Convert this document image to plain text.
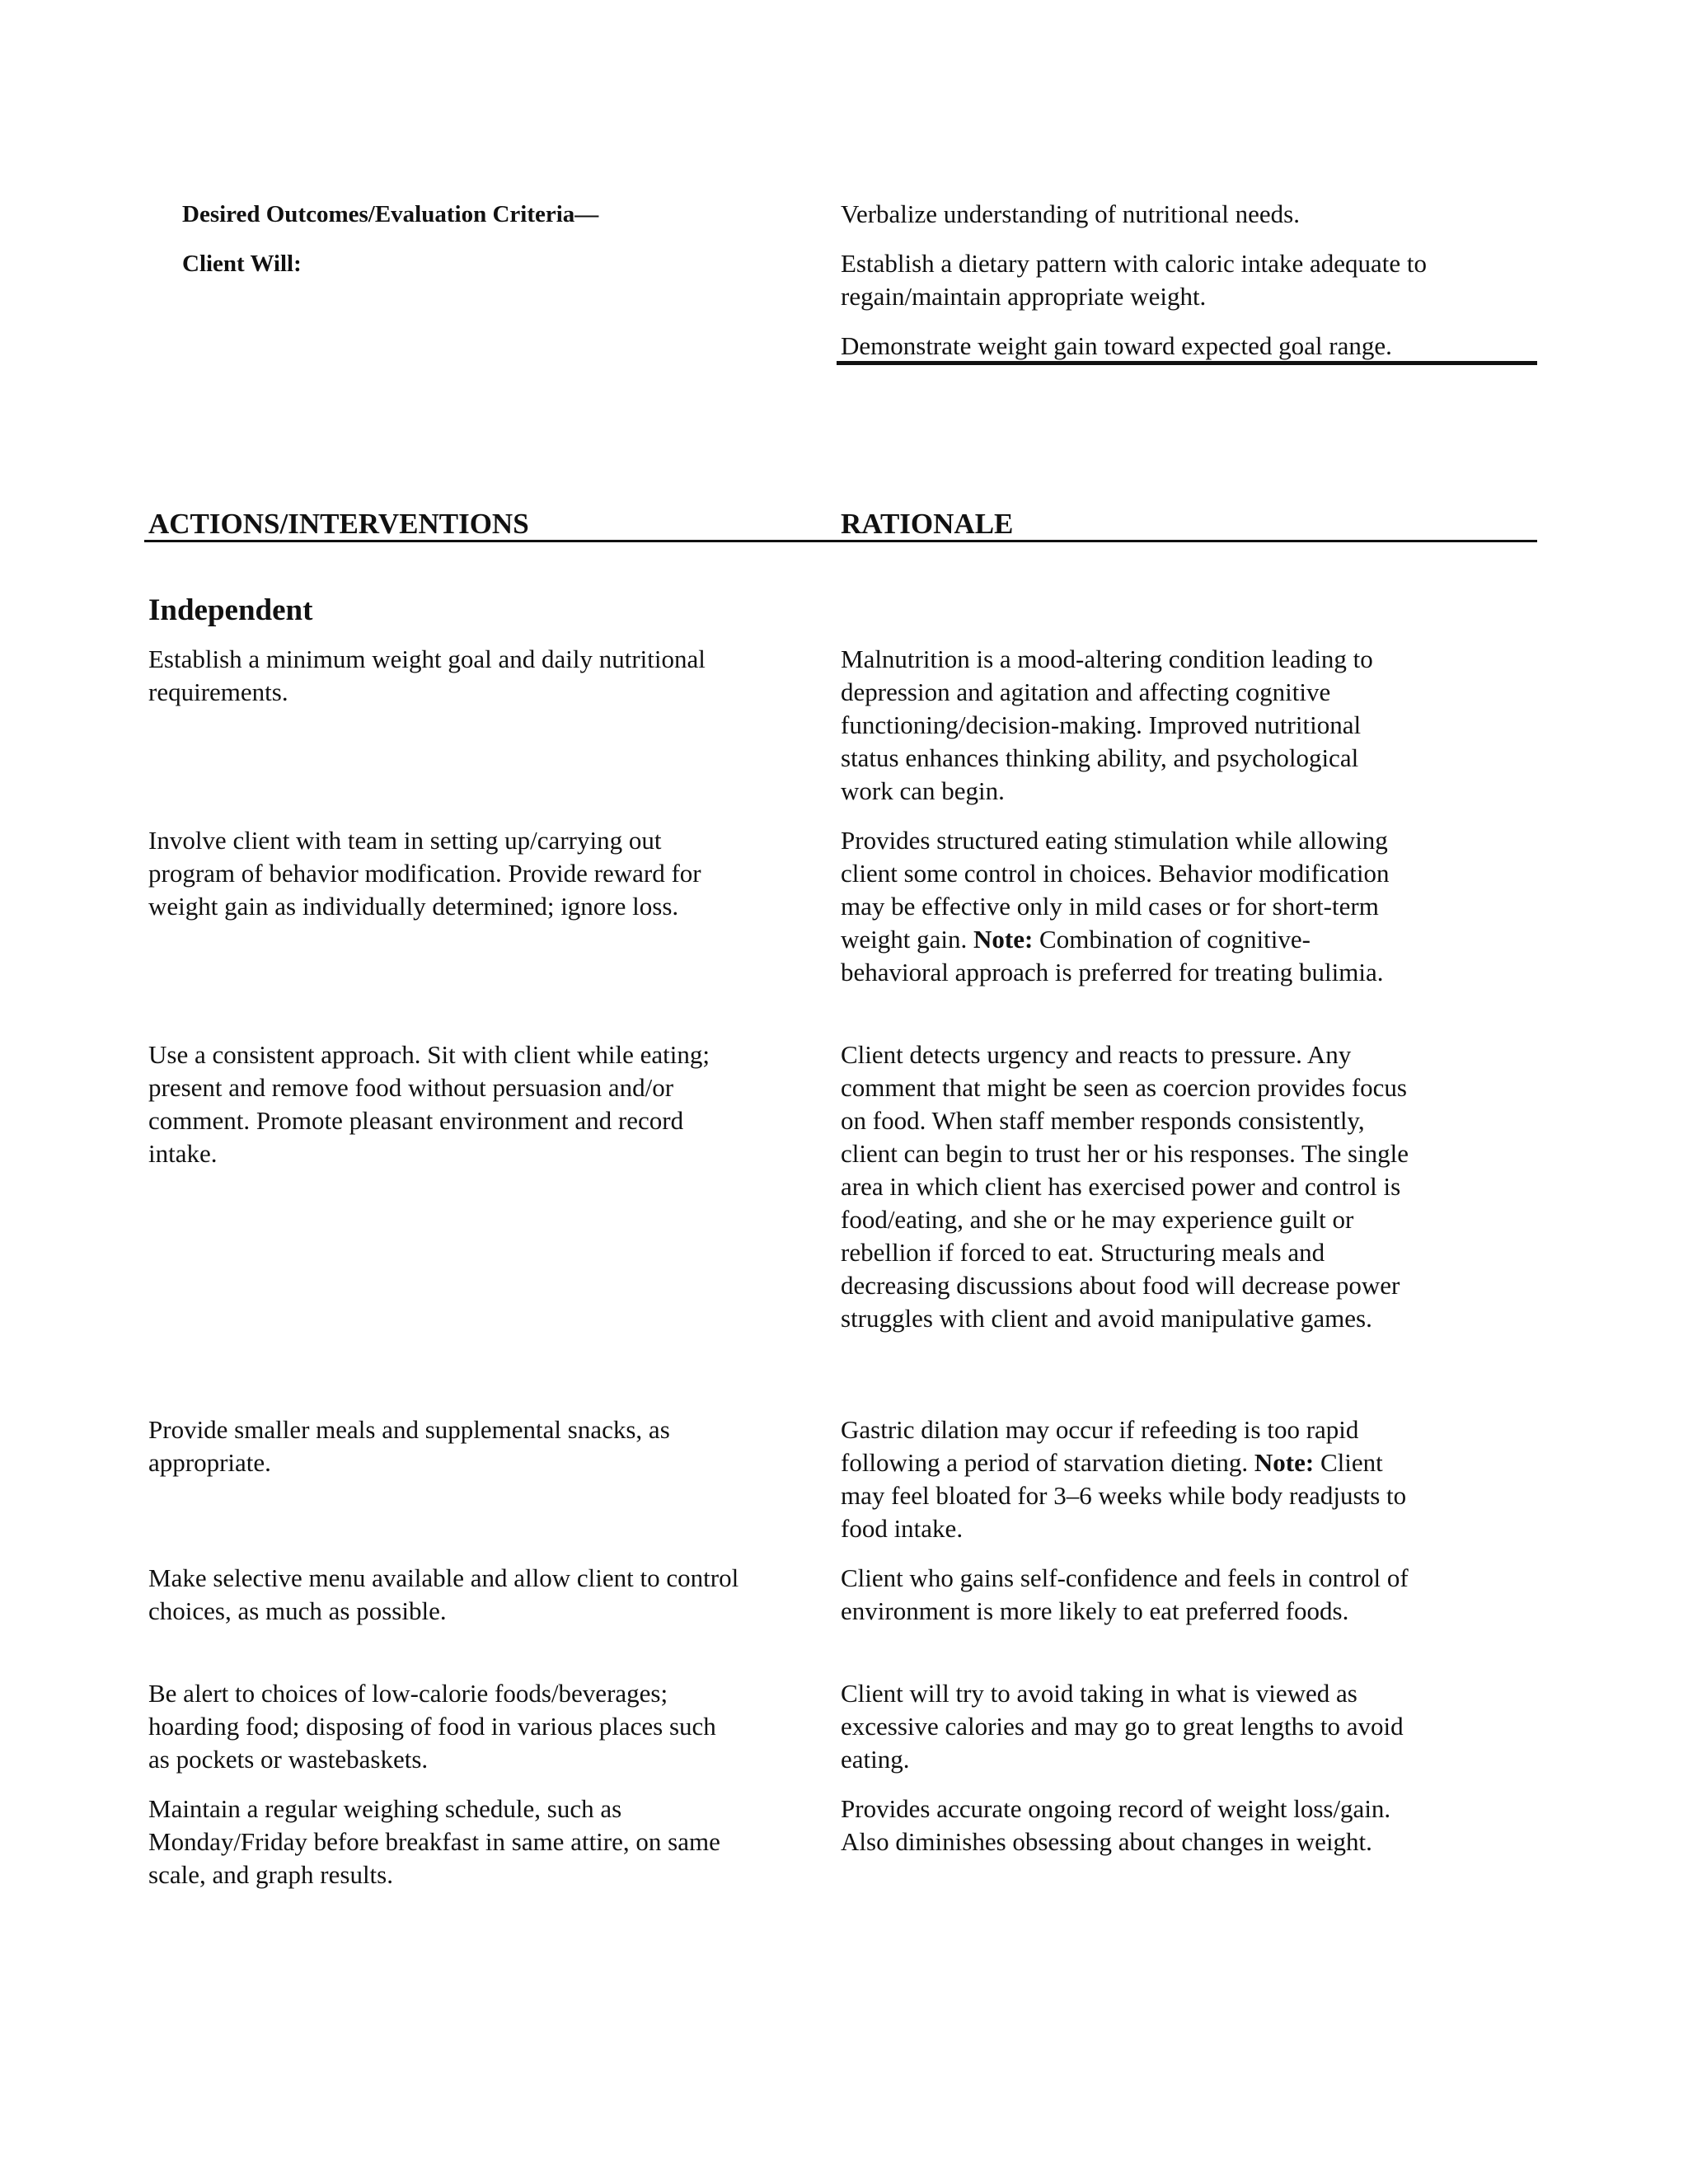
Desired Outcomes/Evaluation Criteria—
Client Will:
Verbalize understanding of nutritional needs.
Establish a dietary pattern with caloric intake adequate to regain/maintain appropriate weight.
Demonstrate weight gain toward expected goal range.
ACTIONS/INTERVENTIONS	RATIONALE
Independent

Establish a minimum weight goal and daily nutritional requirements.

Malnutrition is a mood-altering condition leading to depression and agitation and affecting cognitive functioning/decision-making. Improved nutritional status enhances thinking ability, and psychological work can begin.

Involve client with team in setting up/carrying out program of behavior modification. Provide reward for weight gain as individually determined; ignore loss.

Provides structured eating stimulation while allowing client some control in choices. Behavior modification may be effective only in mild cases or for short-term weight gain. Note: Combination of cognitive-behavioral approach is preferred for treating bulimia.

Use a consistent approach. Sit with client while eating; present and remove food without persuasion and/or comment. Promote pleasant environment and record intake.

Client detects urgency and reacts to pressure. Any comment that might be seen as coercion provides focus on food. When staff member responds consistently, client can begin to trust her or his responses. The single area in which client has exercised power and control is food/eating, and she or he may experience guilt or rebellion if forced to eat. Structuring meals and decreasing discussions about food will decrease power struggles with client and avoid manipulative games.

Provide smaller meals and supplemental snacks, as appropriate.

Gastric dilation may occur if refeeding is too rapid following a period of starvation dieting. Note: Client may feel bloated for 3–6 weeks while body readjusts to food intake.

Make selective menu available and allow client to control choices, as much as possible.

Client who gains self-confidence and feels in control of environment is more likely to eat preferred foods.

Be alert to choices of low-calorie foods/beverages; hoarding food; disposing of food in various places such as pockets or wastebaskets.

Client will try to avoid taking in what is viewed as excessive calories and may go to great lengths to avoid eating.

Maintain a regular weighing schedule, such as Monday/Friday before breakfast in same attire, on same scale, and graph results.

Provides accurate ongoing record of weight loss/gain. Also diminishes obsessing about changes in weight.
